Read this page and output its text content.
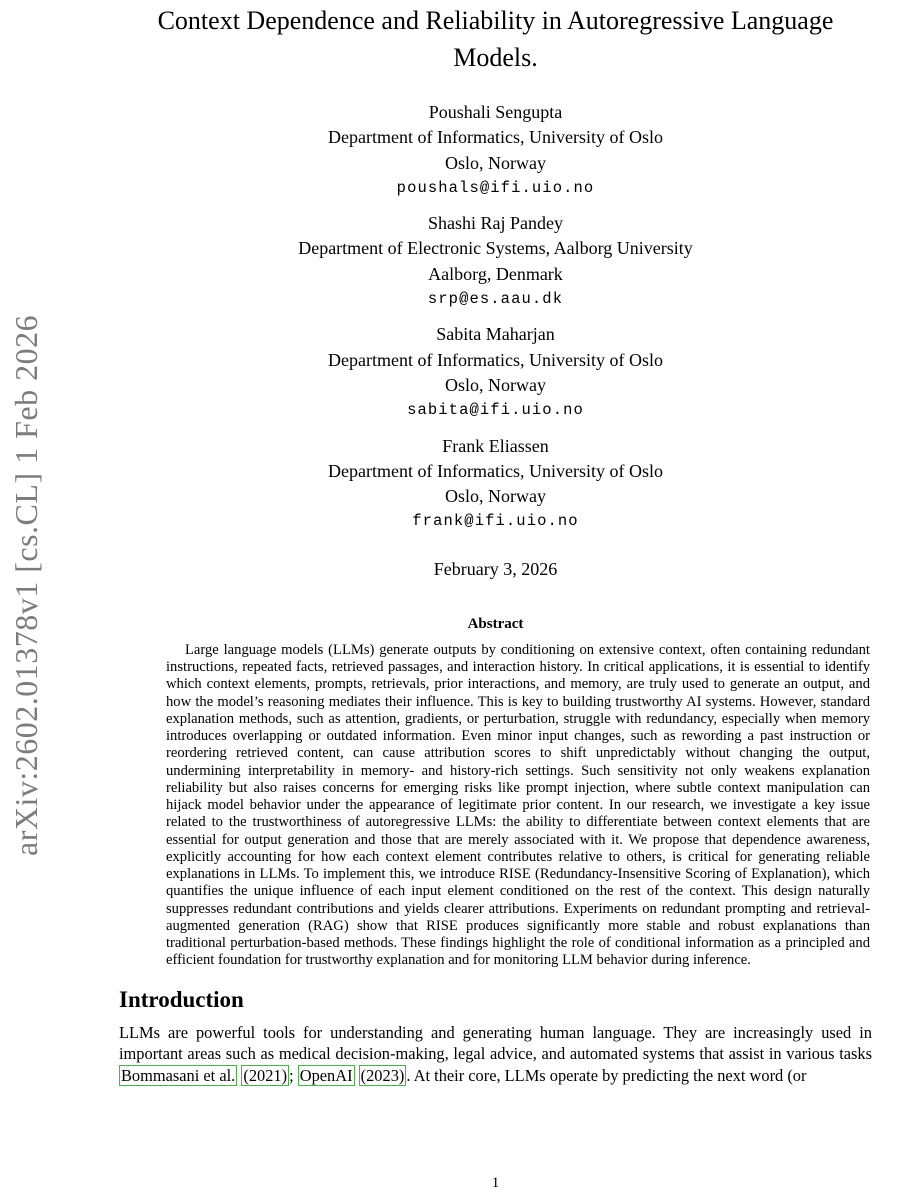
arXiv:2602.01378v1 [cs.CL] 1 Feb 2026
Context Dependence and Reliability in Autoregressive Language Models.
Poushali Sengupta
Department of Informatics, University of Oslo
Oslo, Norway
poushals@ifi.uio.no
Shashi Raj Pandey
Department of Electronic Systems, Aalborg University
Aalborg, Denmark
srp@es.aau.dk
Sabita Maharjan
Department of Informatics, University of Oslo
Oslo, Norway
sabita@ifi.uio.no
Frank Eliassen
Department of Informatics, University of Oslo
Oslo, Norway
frank@ifi.uio.no
February 3, 2026
Abstract

Large language models (LLMs) generate outputs by conditioning on extensive context, often containing redundant instructions, repeated facts, retrieved passages, and interaction history. In critical applications, it is essential to identify which context elements, prompts, retrievals, prior interactions, and memory, are truly used to generate an output, and how the model’s reasoning mediates their influence. This is key to building trustworthy AI systems. However, standard explanation methods, such as attention, gradients, or perturbation, struggle with redundancy, especially when memory introduces overlapping or outdated information. Even minor input changes, such as rewording a past instruction or reordering retrieved content, can cause attribution scores to shift unpredictably without changing the output, undermining interpretability in memory- and history-rich settings. Such sensitivity not only weakens explanation reliability but also raises concerns for emerging risks like prompt injection, where subtle context manipulation can hijack model behavior under the appearance of legitimate prior content. In our research, we investigate a key issue related to the trustworthiness of autoregressive LLMs: the ability to differentiate between context elements that are essential for output generation and those that are merely associated with it. We propose that dependence awareness, explicitly accounting for how each context element contributes relative to others, is critical for generating reliable explanations in LLMs. To implement this, we introduce RISE (Redundancy-Insensitive Scoring of Explanation), which quantifies the unique influence of each input element conditioned on the rest of the context. This design naturally suppresses redundant contributions and yields clearer attributions. Experiments on redundant prompting and retrieval-augmented generation (RAG) show that RISE produces significantly more stable and robust explanations than traditional perturbation-based methods. These findings highlight the role of conditional information as a principled and efficient foundation for trustworthy explanation and for monitoring LLM behavior during inference.

Introduction

LLMs are powerful tools for understanding and generating human language. They are increasingly used in important areas such as medical decision-making, legal advice, and automated systems that assist in various tasks Bommasani et al. (2021) ; OpenAI (2023) . At their core, LLMs operate by predicting the next word (or

1
